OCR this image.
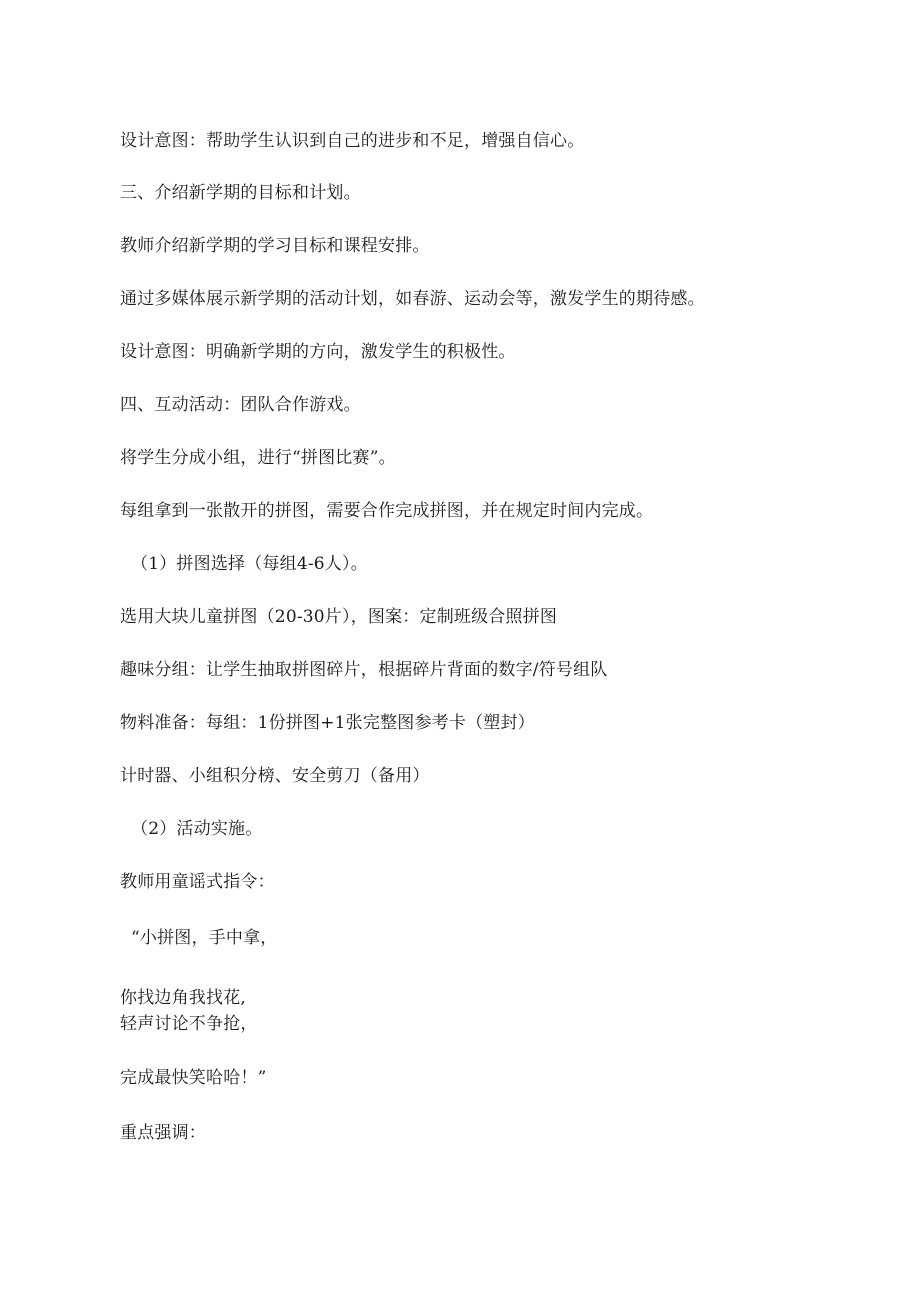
设计意图：帮助学生认识到自己的进步和不足，增强自信心。
三、介绍新学期的目标和计划。
教师介绍新学期的学习目标和课程安排。
通过多媒体展示新学期的活动计划，如春游、运动会等，激发学生的期待感。
设计意图：明确新学期的方向，激发学生的积极性。
四、互动活动：团队合作游戏。
将学生分成小组，进行“拼图比赛”。
每组拿到一张散开的拼图，需要合作完成拼图，并在规定时间内完成。
（1）拼图选择（每组4-6人）。
选用大块儿童拼图（20-30片），图案：定制班级合照拼图
趣味分组：让学生抽取拼图碎片，根据碎片背面的数字/符号组队
物料准备：每组：1份拼图+1张完整图参考卡（塑封）
计时器、小组积分榜、安全剪刀（备用）
（2）活动实施。
教师用童谣式指令：
“小拼图，手中拿，
你找边角我找花,
轻声讨论不争抢，
完成最快笑哈哈！”
重点强调：
